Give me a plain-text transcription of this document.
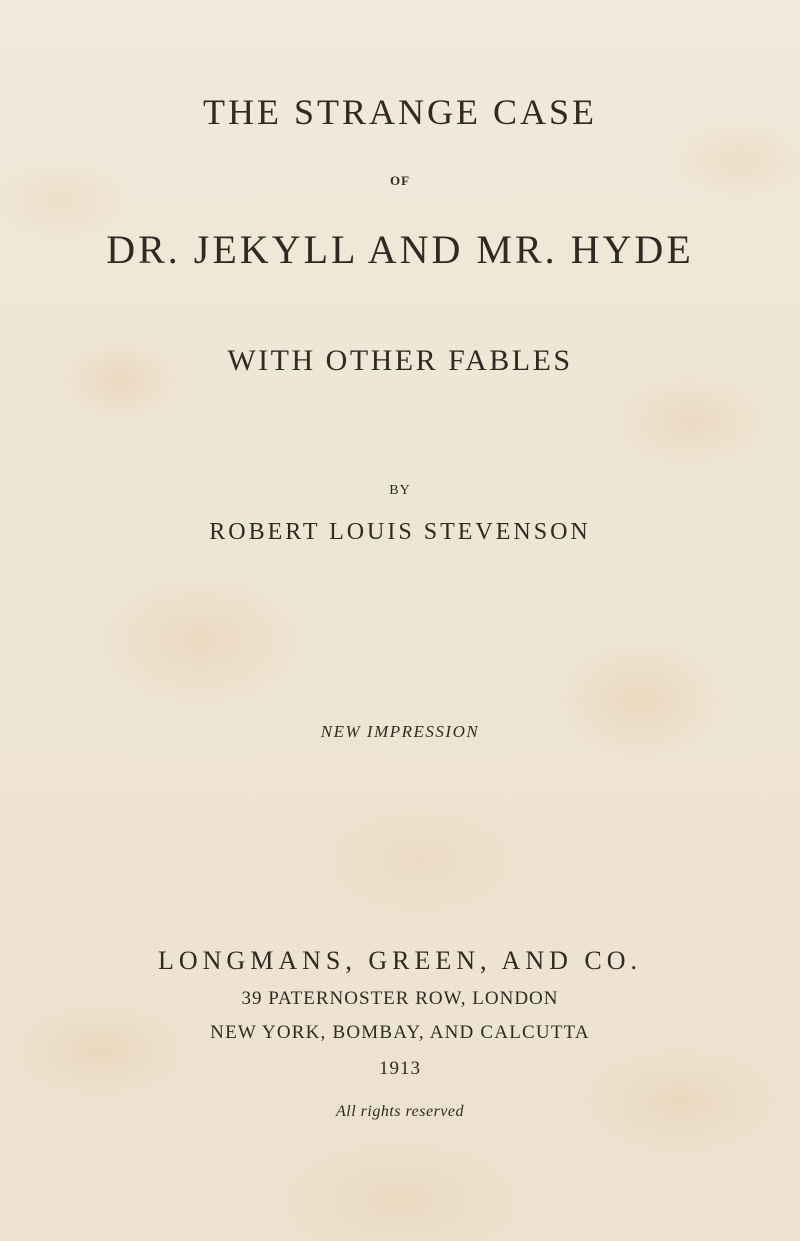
THE STRANGE CASE
OF
DR. JEKYLL AND MR. HYDE
WITH OTHER FABLES
BY
ROBERT LOUIS STEVENSON
NEW IMPRESSION
LONGMANS, GREEN, AND CO.
39 PATERNOSTER ROW, LONDON
NEW YORK, BOMBAY, AND CALCUTTA
1913
All rights reserved
